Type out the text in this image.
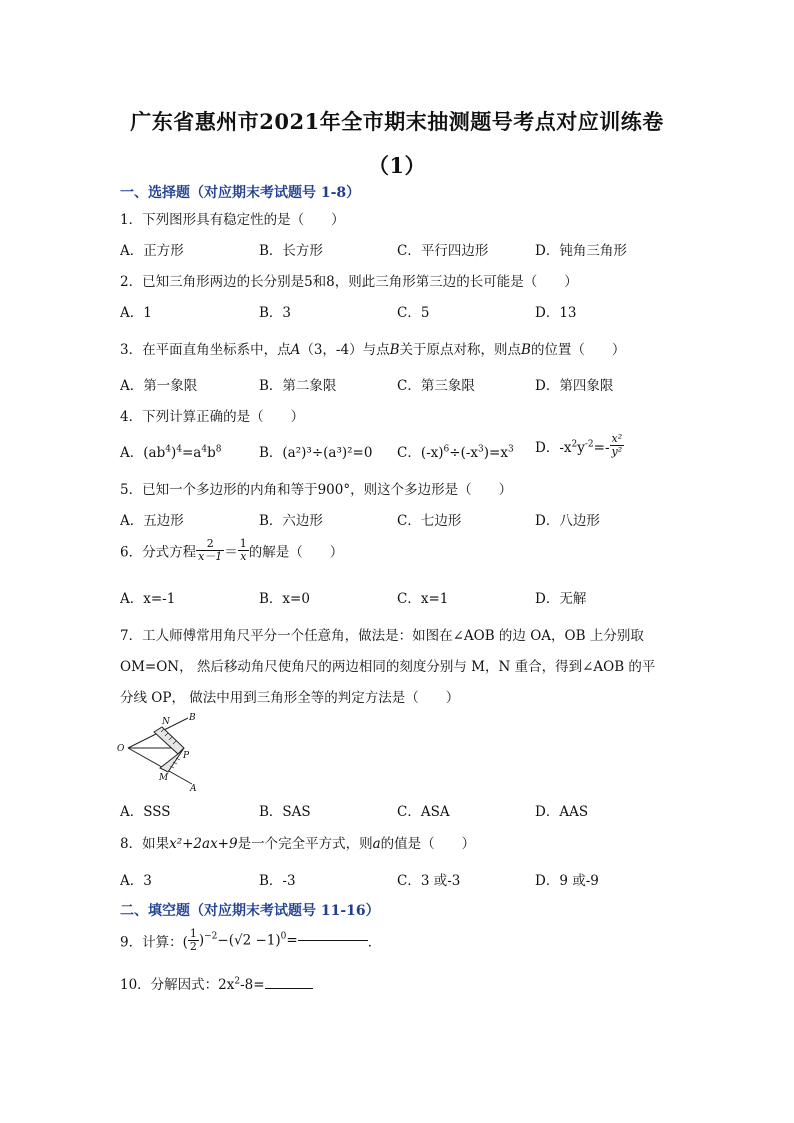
广东省惠州市2021年全市期末抽测题号考点对应训练卷
（1）
一、选择题（对应期末考试题号 1-8）
1．下列图形具有稳定性的是（　　）
A．正方形	B．长方形	C．平行四边形	D．钝角三角形
2．已知三角形两边的长分别是5和8，则此三角形第三边的长可能是（　　）
A．1	B．3	C．5	D．13
3．在平面直角坐标系中，点A（3，-4）与点B关于原点对称，则点B的位置（　　）
A．第一象限	B．第二象限	C．第三象限	D．第四象限
4．下列计算正确的是（　　）
A．$(ab^4)^4=a^4b^8$	B．(a²)³÷(a³)²=0 C．$(-x)^6\div(-x^3)=x^3$ D．$-x^2y^{-2}=- \frac{\text{x²}}{\text{y²}}$
5．已知一个多边形的内角和等于900°，则这个多边形是（　　）
A．五边形	B．六边形	C．七边形	D．八边形
6．分式方程 $\frac{2}{x-1} = \frac{1}{x}$ 的解是（　　）
A．x=-1	B．x=0	C．x=1	D．无解
7．工人师傅常用角尺平分一个任意角，做法是：如图在∠AOB 的边 OA，OB 上分别取
OM=ON， 然后移动角尺使角尺的两边相同的刻度分别与 M，N 重合，得到∠AOB 的平
分线 OP， 做法中用到三角形全等的判定方法是（　　）
O
N B
P
M
A
A．SSS	B．SAS	C．ASA	D．AAS
8．如果x²+2ax+9是一个完全平方式，则a的值是（　　）
A．3	B．-3	C．3 或-3	D．9 或-9
二、填空题（对应期末考试题号 11-16）
9．计算：( $\frac{1}{2} )^{-2}-(√2 -1)^0=$	．
10．分解因式：$2x^2-8=$
